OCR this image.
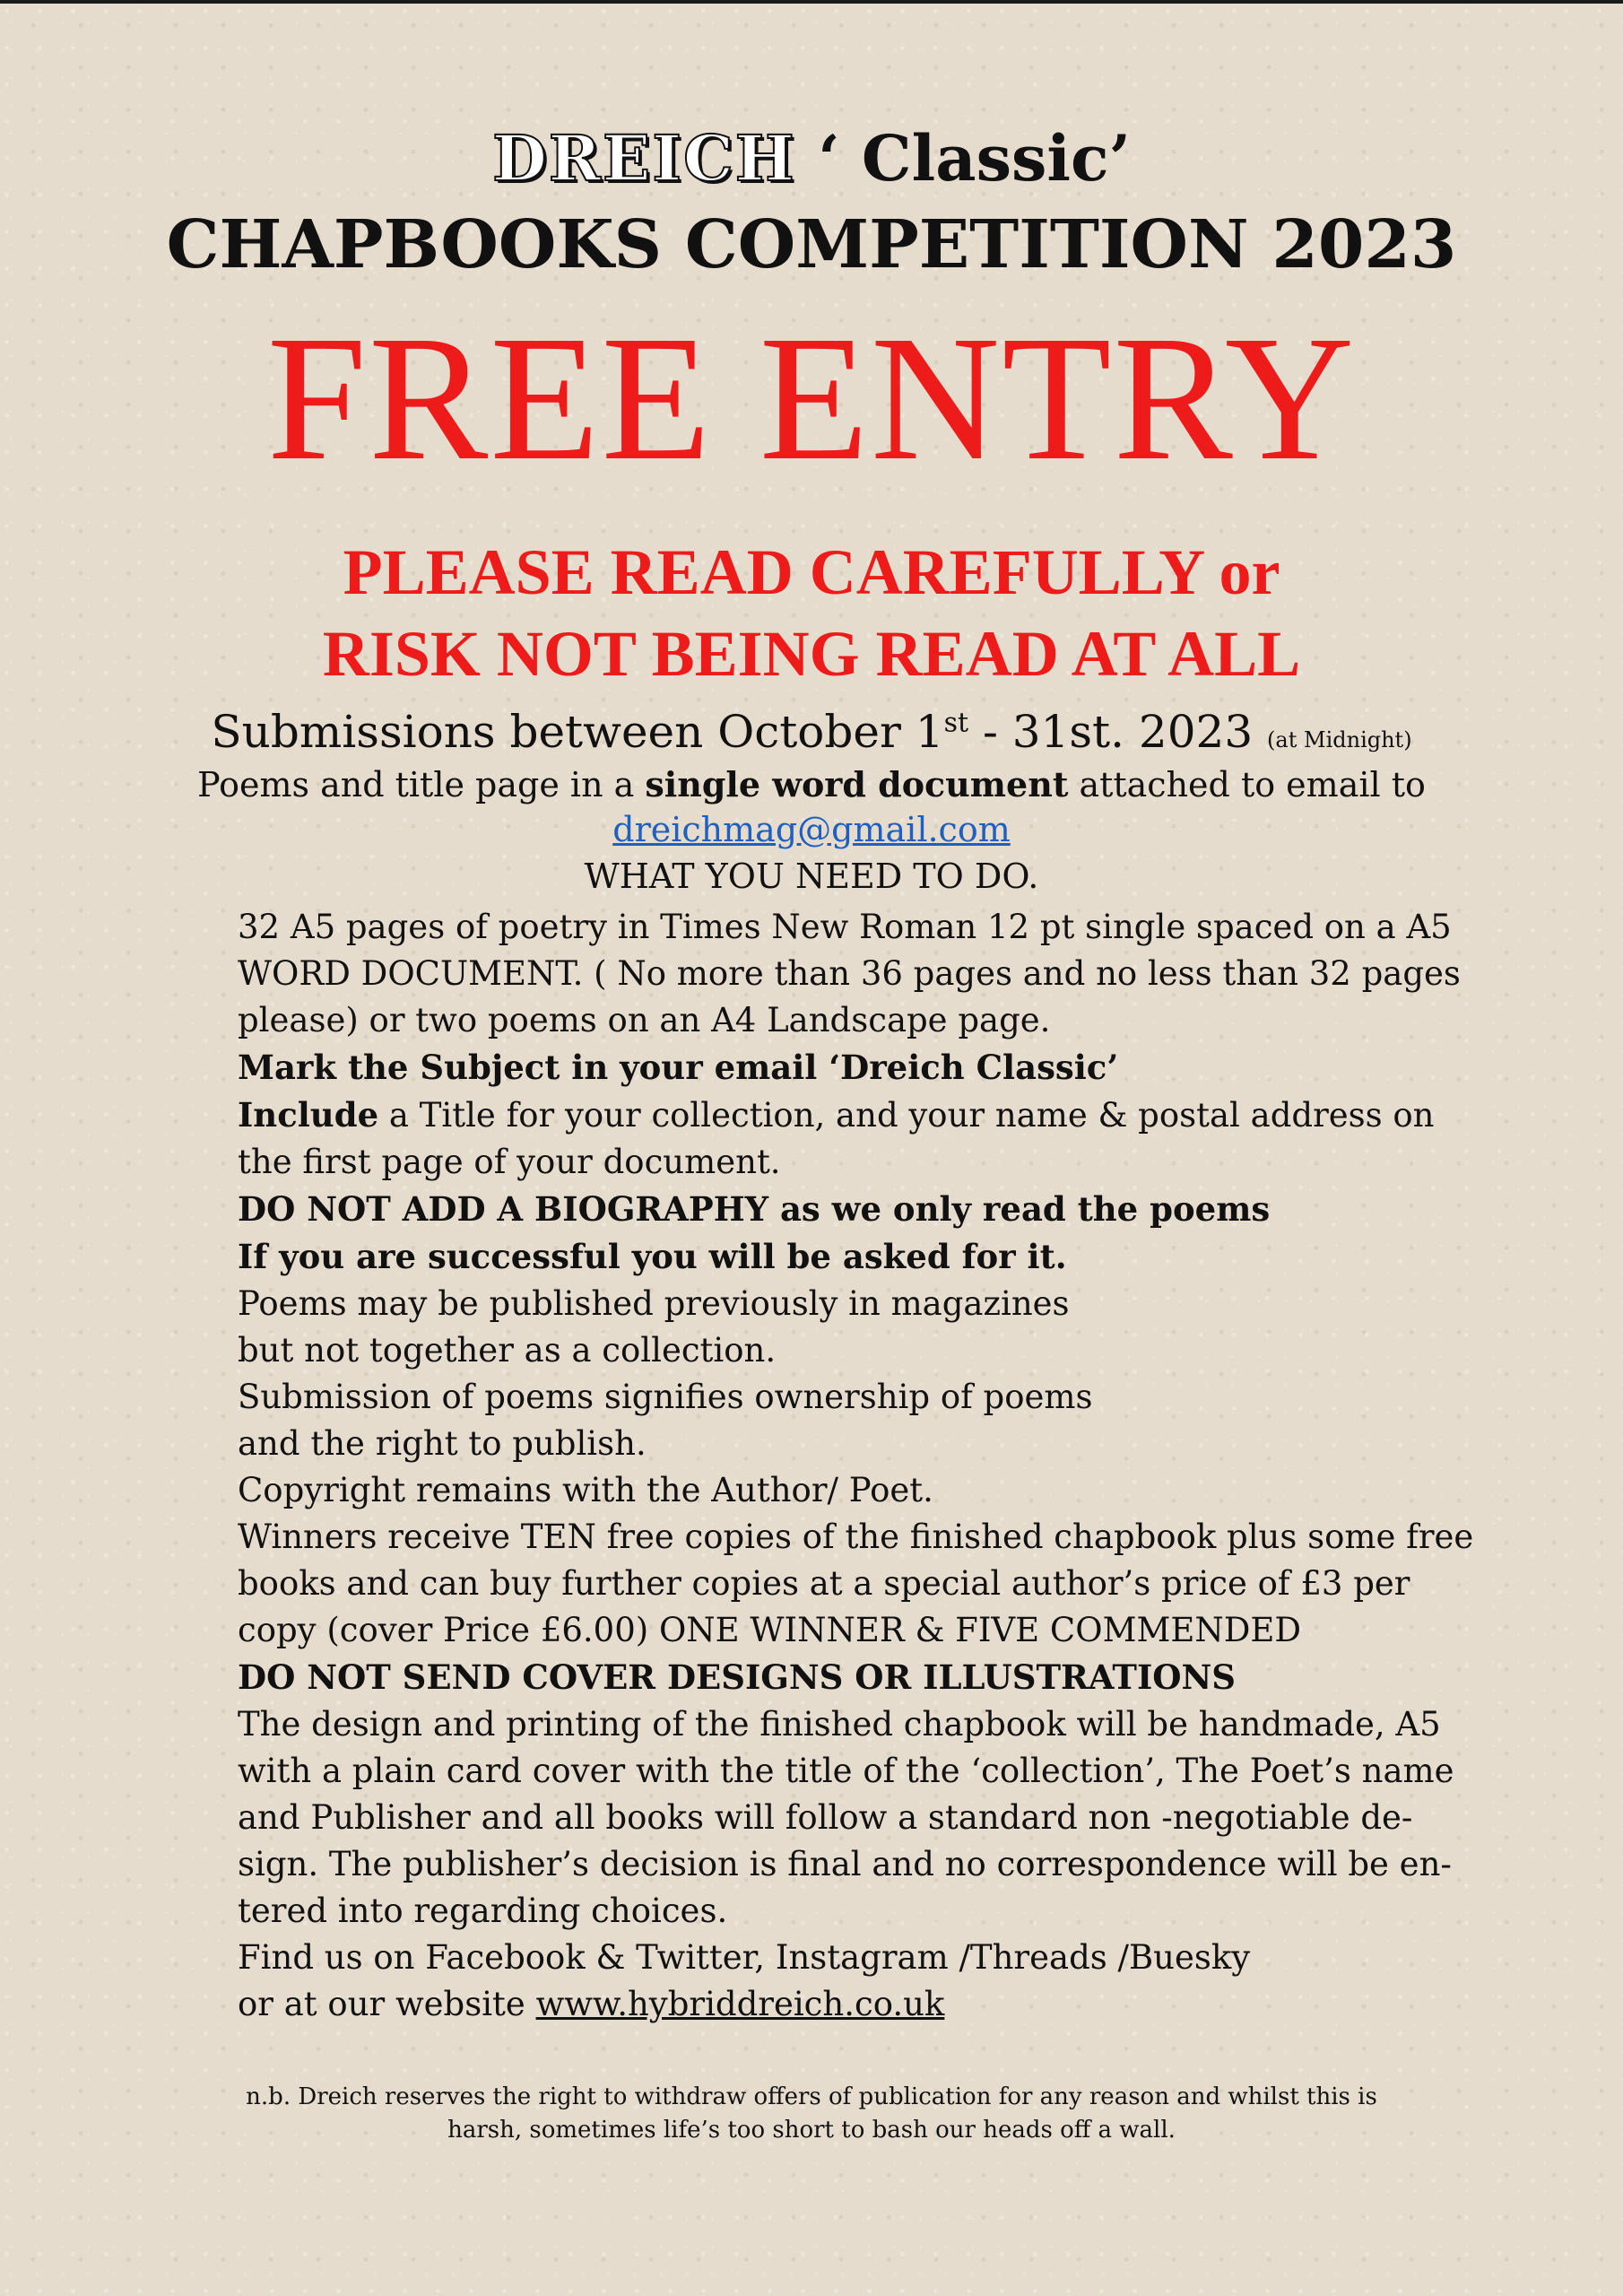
DREICH ‘ Classic’
CHAPBOOKS COMPETITION 2023
FREE ENTRY
PLEASE READ CAREFULLY or
RISK NOT BEING READ AT ALL
Submissions between October 1st - 31st. 2023 (at Midnight)
Poems and title page in a single word document attached to email to
dreichmag@gmail.com
WHAT YOU NEED TO DO.
32 A5 pages of poetry in Times New Roman 12 pt single spaced on a A5
WORD DOCUMENT. ( No more than 36 pages and no less than 32 pages
please) or two poems on an A4 Landscape page.
Mark the Subject in your email ‘Dreich Classic’
Include a Title for your collection, and your name & postal address on
the first page of your document.
DO NOT ADD A BIOGRAPHY as we only read the poems
If you are successful you will be asked for it.
Poems may be published previously in magazines
but not together as a collection.
Submission of poems signifies ownership of poems
and the right to publish.
Copyright remains with the Author/ Poet.
Winners receive TEN free copies of the finished chapbook plus some free
books and can buy further copies at a special author’s price of £3 per
copy (cover Price £6.00) ONE WINNER & FIVE COMMENDED
DO NOT SEND COVER DESIGNS OR ILLUSTRATIONS
The design and printing of the finished chapbook will be handmade, A5
with a plain card cover with the title of the ‘collection’, The Poet’s name
and Publisher and all books will follow a standard non -negotiable de-
sign. The publisher’s decision is final and no correspondence will be en-
tered into regarding choices.
Find us on Facebook & Twitter, Instagram /Threads /Buesky
or at our website www.hybriddreich.co.uk
n.b. Dreich reserves the right to withdraw offers of publication for any reason and whilst this is
harsh, sometimes life’s too short to bash our heads off a wall.
